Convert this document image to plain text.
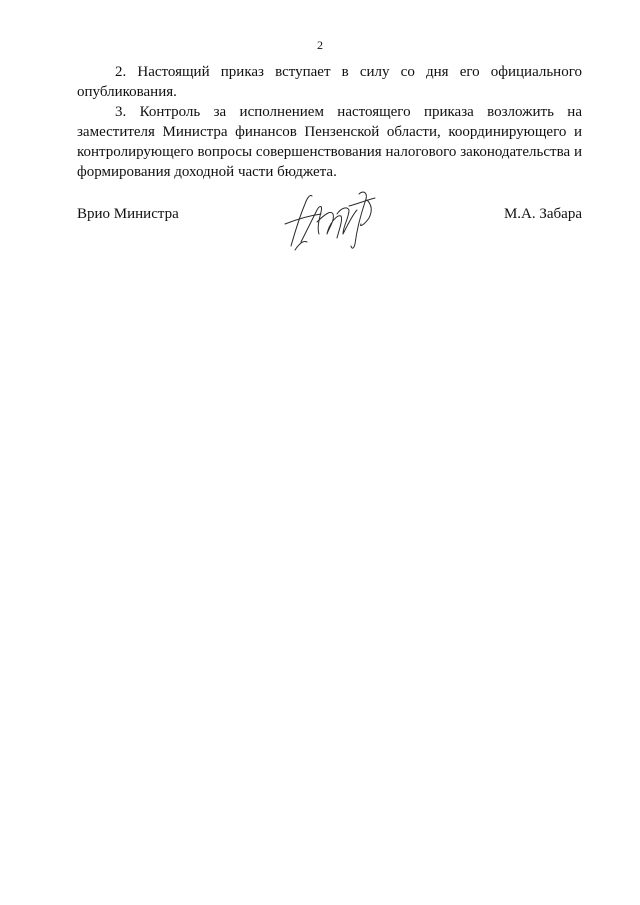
2

2. Настоящий приказ вступает в силу со дня его официального опубликования.

3. Контроль за исполнением настоящего приказа возложить на заместителя Министра финансов Пензенской области, координирующего и контролирующего вопросы совершенствования налогового законодательства и формирования доходной части бюджета.

Врио Министра	М.А. Забара
